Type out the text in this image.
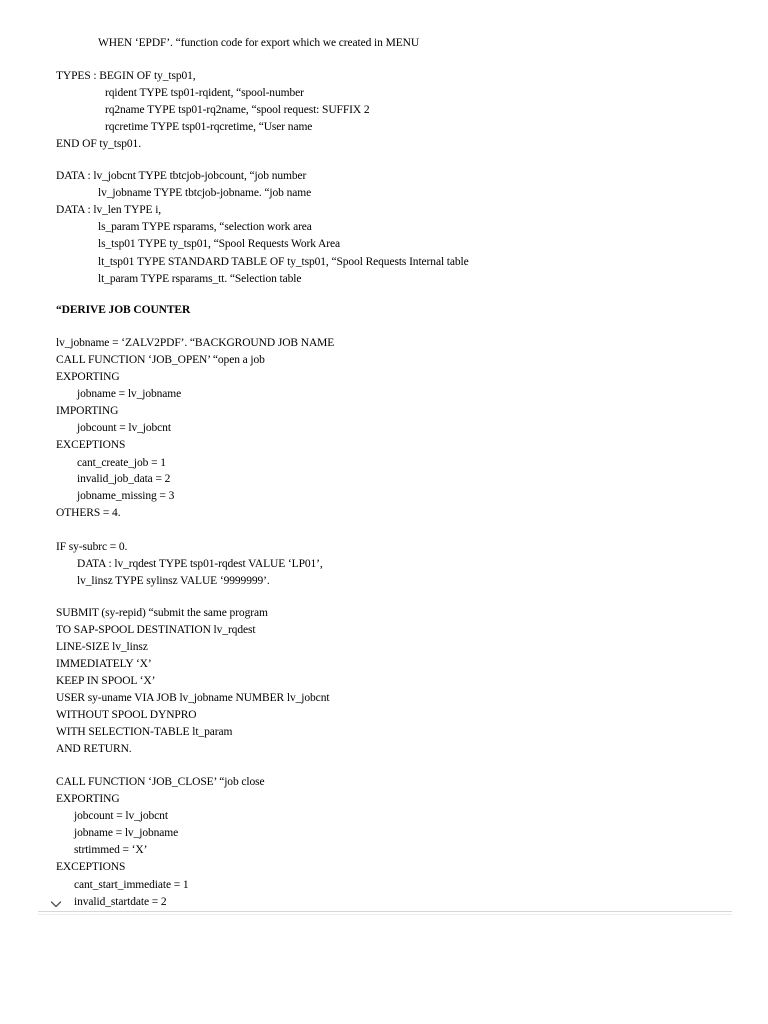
WHEN ‘EPDF’. “function code for export which we created in MENU
TYPES : BEGIN OF ty_tsp01,
rqident TYPE tsp01-rqident, “spool-number
rq2name TYPE tsp01-rq2name, “spool request: SUFFIX 2
rqcretime TYPE tsp01-rqcretime, “User name
END OF ty_tsp01.
DATA : lv_jobcnt TYPE tbtcjob-jobcount, “job number
lv_jobname TYPE tbtcjob-jobname. “job name
DATA : lv_len TYPE i,
ls_param TYPE rsparams, “selection work area
ls_tsp01 TYPE ty_tsp01, “Spool Requests Work Area
lt_tsp01 TYPE STANDARD TABLE OF ty_tsp01, “Spool Requests Internal table
lt_param TYPE rsparams_tt. “Selection table
“DERIVE JOB COUNTER
lv_jobname = ‘ZALV2PDF’. “BACKGROUND JOB NAME
CALL FUNCTION ‘JOB_OPEN’ “open a job
EXPORTING
jobname = lv_jobname
IMPORTING
jobcount = lv_jobcnt
EXCEPTIONS
cant_create_job = 1
invalid_job_data = 2
jobname_missing = 3
OTHERS = 4.
IF sy-subrc = 0.
DATA : lv_rqdest TYPE tsp01-rqdest VALUE ‘LP01’,
lv_linsz TYPE sylinsz VALUE ‘9999999’.
SUBMIT (sy-repid) “submit the same program
TO SAP-SPOOL DESTINATION lv_rqdest
LINE-SIZE lv_linsz
IMMEDIATELY ‘X’
KEEP IN SPOOL ‘X’
USER sy-uname VIA JOB lv_jobname NUMBER lv_jobcnt
WITHOUT SPOOL DYNPRO
WITH SELECTION-TABLE lt_param
AND RETURN.
CALL FUNCTION ‘JOB_CLOSE’ “job close
EXPORTING
jobcount = lv_jobcnt
jobname = lv_jobname
strtimmed = ‘X’
EXCEPTIONS
cant_start_immediate = 1
invalid_startdate = 2
